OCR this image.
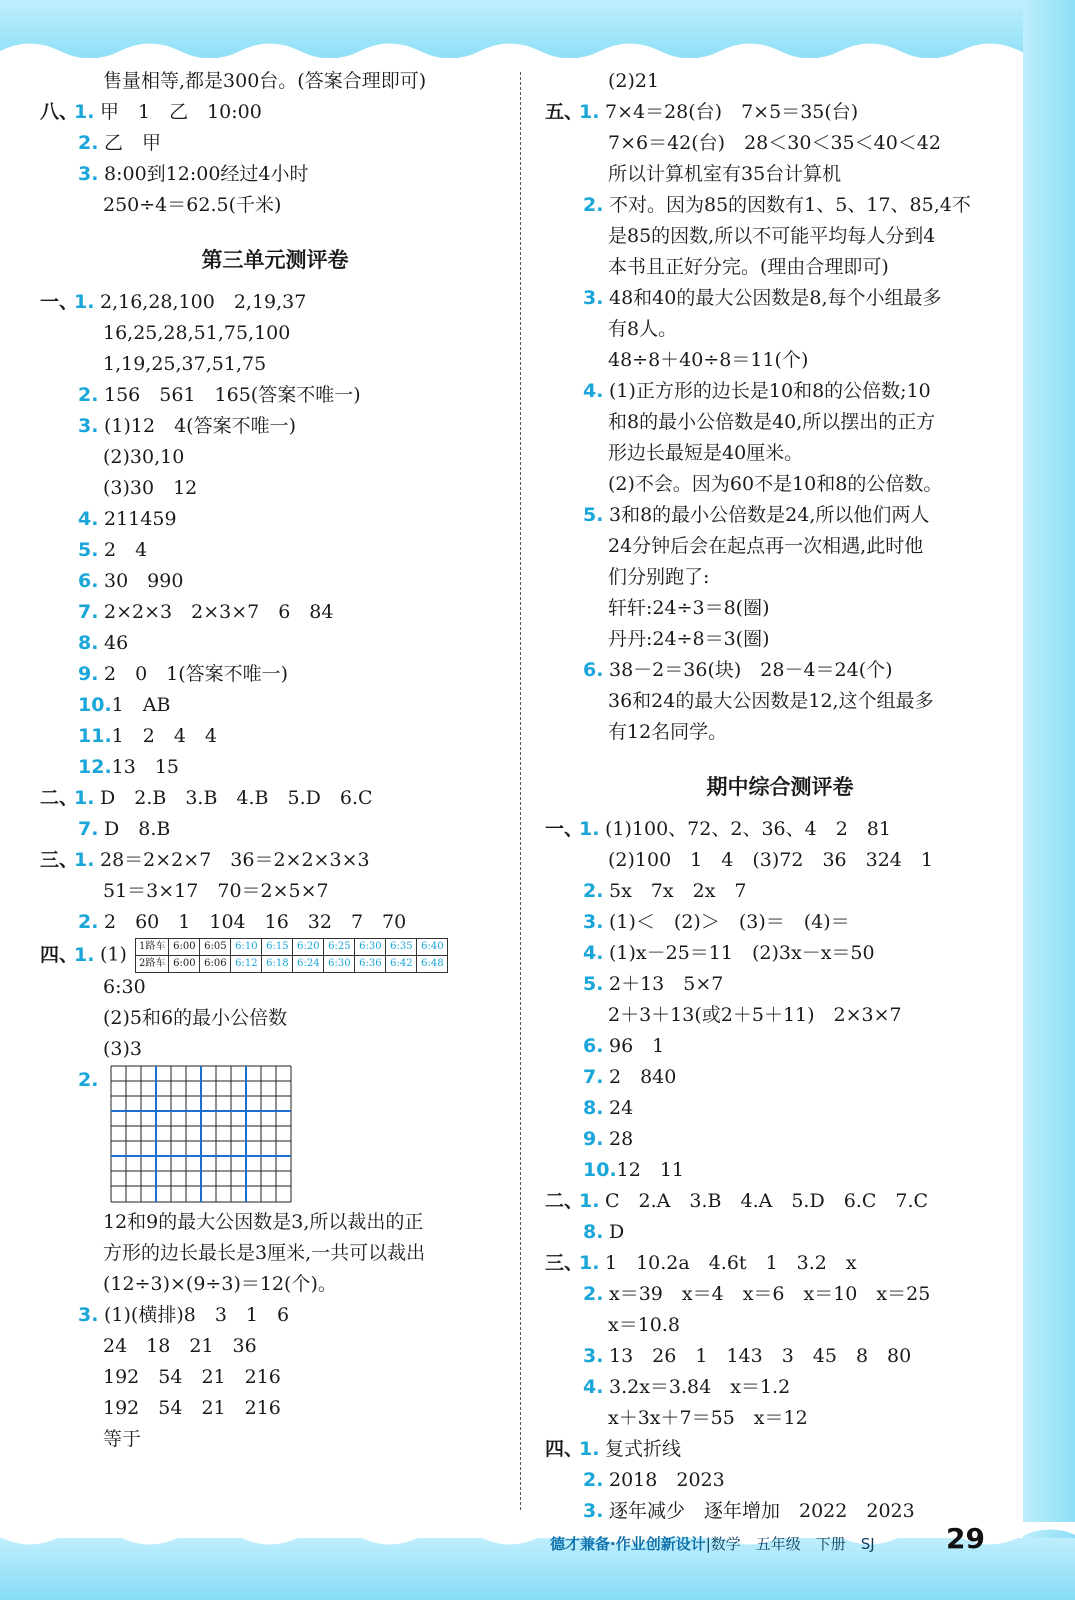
售量相等,都是300台。(答案合理即可)
八、1. 甲　1　乙　10:00
2. 乙　甲
3. 8:00到12:00经过4小时
250÷4＝62.5(千米)
第三单元测评卷
一、1. 2,16,28,100　2,19,37
16,25,28,51,75,100
1,19,25,37,51,75
2. 156　561　165(答案不唯一)
3. (1)12　4(答案不唯一)
(2)30,10
(3)30　12
4. 211459
5. 2　4
6. 30　990
7. 2×2×3　2×3×7　6　84
8. 46
9. 2　0　1(答案不唯一)
10.1　AB
11.1　2　4　4
12.13　15
二、1. D　2.B　3.B　4.B　5.D　6.C
7. D　8.B
三、1. 28＝2×2×7　36＝2×2×3×3
51＝3×17　70＝2×5×7
2. 2　60　1　104　16　32　7　70
四、1. (1) 1路车	6:00	6:05	6:10	6:15	6:20	6:25	6:30	6:35	6:40
2路车	6:00	6:06	6:12	6:18	6:24	6:30	6:36	6:42	6:48
6:30
(2)5和6的最小公倍数
(3)3
2.
12和9的最大公因数是3,所以裁出的正
方形的边长最长是3厘米,一共可以裁出
(12÷3)×(9÷3)＝12(个)。
3. (1)(横排)8　3　1　6
24　18　21　36
192　54　21　216
192　54　21　216
等于
(2)21
五、1. 7×4＝28(台)　7×5＝35(台)
7×6＝42(台)　28＜30＜35＜40＜42
所以计算机室有35台计算机
2. 不对。因为85的因数有1、5、17、85,4不
是85的因数,所以不可能平均每人分到4
本书且正好分完。(理由合理即可)
3. 48和40的最大公因数是8,每个小组最多
有8人。
48÷8＋40÷8＝11(个)
4. (1)正方形的边长是10和8的公倍数;10
和8的最小公倍数是40,所以摆出的正方
形边长最短是40厘米。
(2)不会。因为60不是10和8的公倍数。
5. 3和8的最小公倍数是24,所以他们两人
24分钟后会在起点再一次相遇,此时他
们分别跑了:
轩轩:24÷3＝8(圈)
丹丹:24÷8＝3(圈)
6. 38－2＝36(块)　28－4＝24(个)
36和24的最大公因数是12,这个组最多
有12名同学。
期中综合测评卷
一、1. (1)100、72、2、36、4　2　81
(2)100　1　4　(3)72　36　324　1
2. 5x　7x　2x　7
3. (1)＜　(2)＞　(3)＝　(4)＝
4. (1)x－25＝11　(2)3x－x＝50
5. 2＋13　5×7
2＋3＋13(或2＋5＋11)　2×3×7
6. 96　1
7. 2　840
8. 24
9. 28
10.12　11
二、1. C　2.A　3.B　4.A　5.D　6.C　7.C
8. D
三、1. 1　10.2a　4.6t　1　3.2　x
2. x＝39　x＝4　x＝6　x＝10　x＝25
x＝10.8
3. 13　26　1　143　3　45　8　80
4. 3.2x＝3.84　x＝1.2
x＋3x＋7＝55　x＝12
四、1. 复式折线
2. 2018　2023
3. 逐年减少　逐年增加　2022　2023
德才兼备·作业创新设计|数学　五年级　下册　SJ	29
